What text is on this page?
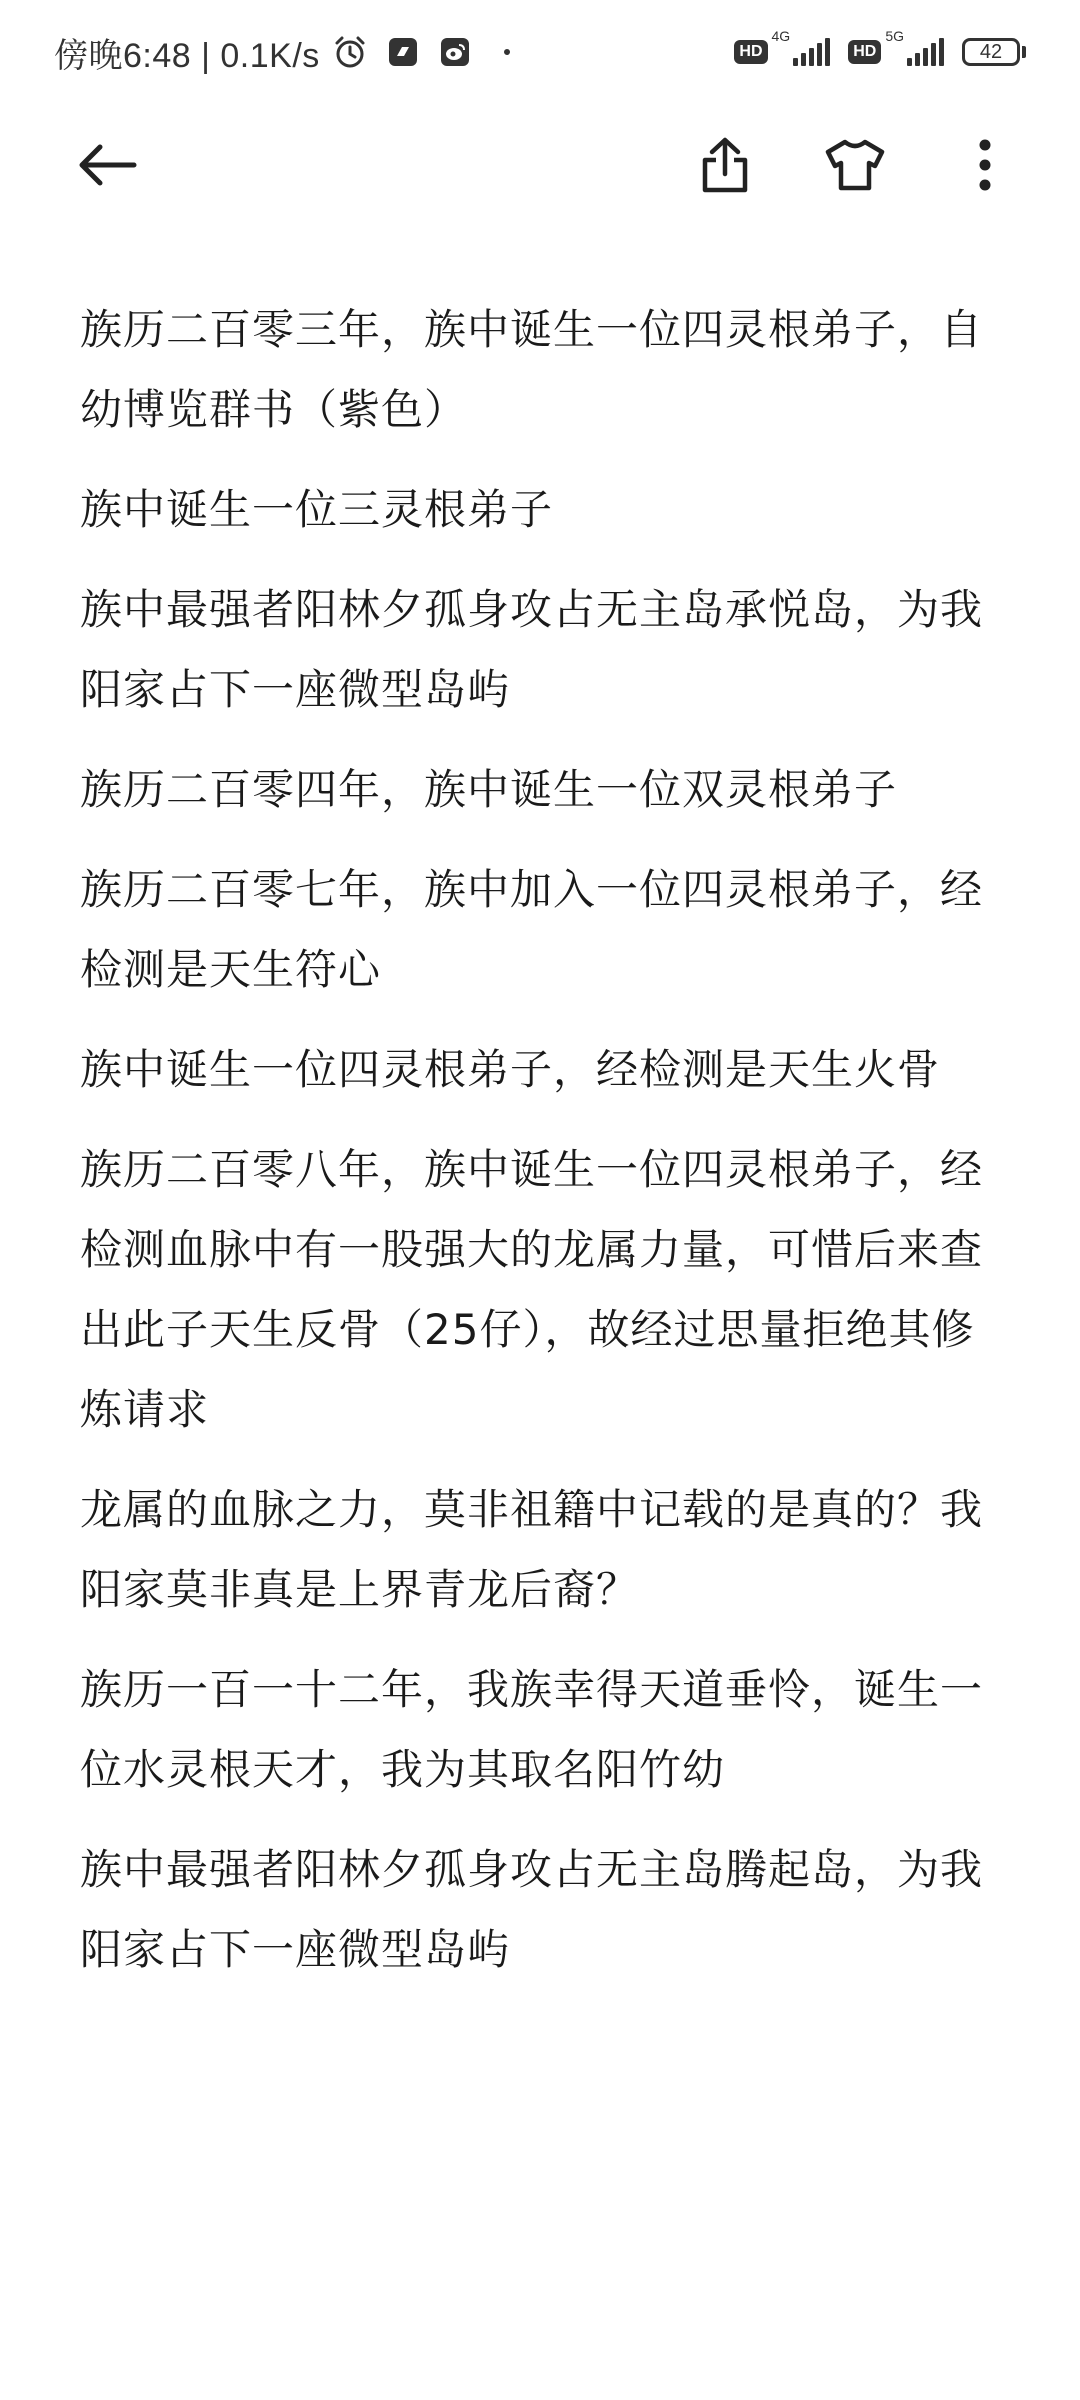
傍晚6:48 | 0.1K/s	HD
4G
HD
5G
42

族历二百零三年，族中诞生一位四灵根弟子，自幼博览群书（紫色）

族中诞生一位三灵根弟子

族中最强者阳林夕孤身攻占无主岛承悦岛，为我阳家占下一座微型岛屿

族历二百零四年，族中诞生一位双灵根弟子

族历二百零七年，族中加入一位四灵根弟子，经检测是天生符心

族中诞生一位四灵根弟子，经检测是天生火骨

族历二百零八年，族中诞生一位四灵根弟子，经检测血脉中有一股强大的龙属力量，可惜后来查出此子天生反骨（25仔），故经过思量拒绝其修炼请求

龙属的血脉之力，莫非祖籍中记载的是真的？我阳家莫非真是上界青龙后裔？

族历一百一十二年，我族幸得天道垂怜，诞生一位水灵根天才，我为其取名阳竹幼

族中最强者阳林夕孤身攻占无主岛腾起岛，为我阳家占下一座微型岛屿
